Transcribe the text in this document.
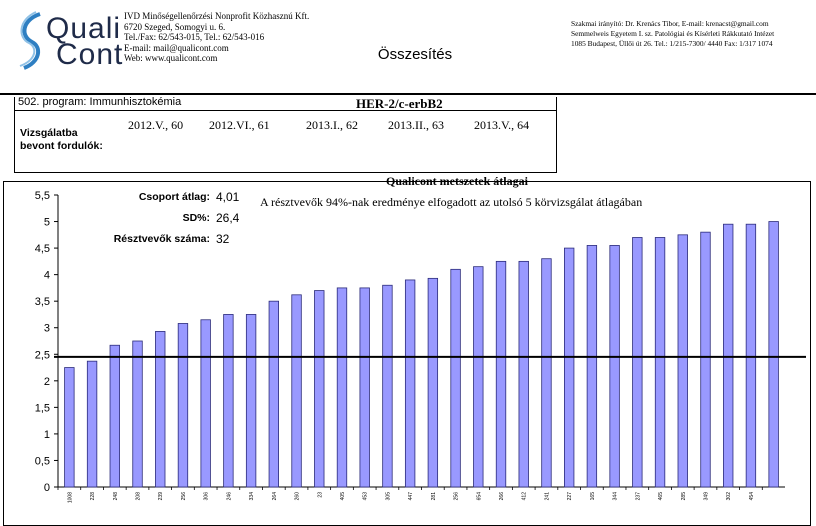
Quali
Cont
IVD Minőségellenőrzési Nonprofit Közhasznú Kft.
6720 Szeged, Somogyi u. 6.
Tel./Fax: 62/543-015, Tel.: 62/543-016
E-mail: mail@qualicont.com
Web: www.qualicont.com	Összesítés
Szakmai irányító: Dr. Krenács Tibor, E-mail: krenacst@gmail.com
Semmelweis Egyetem I. sz. Patológiai és Kísérleti Rákkutató Intézet
1085 Budapest, Üllői út 26. Tel.: 1/215-7300/ 4440 Fax: 1/317 1074
502. program: Immunhisztokémia	HER-2/c-erbB2
Vizsgálatba
bevont fordulók:
2012.V., 60 2012.VI., 61	2013.I., 62	2013.II., 63	2013.V., 64
Qualicont metszetek átlagai
0
0,5
1
1,5
2
2,5
3
3,5
4
4,5
5
5,5
1008	228	248	208	239	256	306	246	334	264	260	23	405	453	305	447	281	256	654	266	412	241	227	165	344	237	465	285	349	302	454
Csoport átlag: 4,01
SD%: 26,4
Résztvevők száma: 32
A résztvevők 94%-nak eredménye elfogadott az utolsó 5 körvizsgálat átlagában
